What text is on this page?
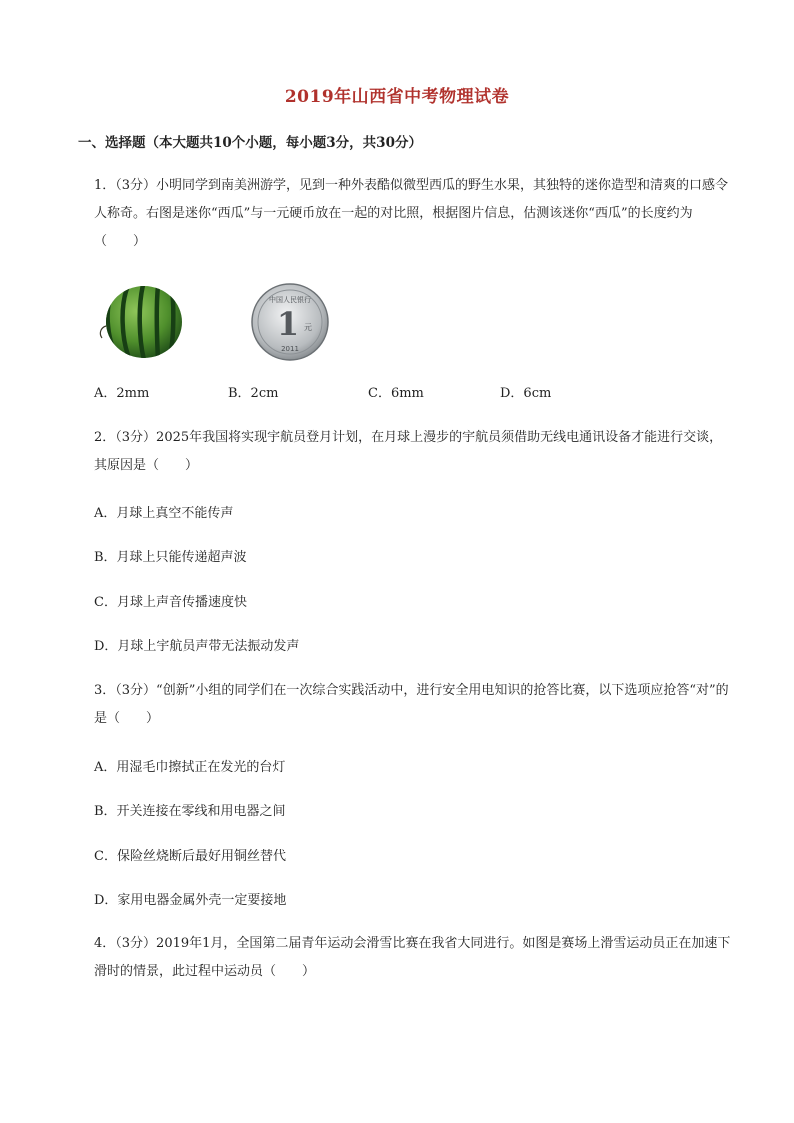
2019年山西省中考物理试卷
一、选择题（本大题共10个小题，每小题3分，共30分）
1．（3分）小明同学到南美洲游学，见到一种外表酷似微型西瓜的野生水果，其独特的迷你造型和清爽的口感令人称奇。右图是迷你“西瓜”与一元硬币放在一起的对比照，根据图片信息，估测该迷你“西瓜”的长度约为（　　）
中国人民银行
1 元
2011
A．2mm	B．2cm	C．6mm	D．6cm
2．（3分）2025年我国将实现宇航员登月计划，在月球上漫步的宇航员须借助无线电通讯设备才能进行交谈，其原因是（　　）
A．月球上真空不能传声
B．月球上只能传递超声波
C．月球上声音传播速度快
D．月球上宇航员声带无法振动发声
3．（3分）“创新”小组的同学们在一次综合实践活动中，进行安全用电知识的抢答比赛，以下选项应抢答“对”的是（　　）
A．用湿毛巾擦拭正在发光的台灯
B．开关连接在零线和用电器之间
C．保险丝烧断后最好用铜丝替代
D．家用电器金属外壳一定要接地
4．（3分）2019年1月，全国第二届青年运动会滑雪比赛在我省大同进行。如图是赛场上滑雪运动员正在加速下滑时的情景，此过程中运动员（　　）
